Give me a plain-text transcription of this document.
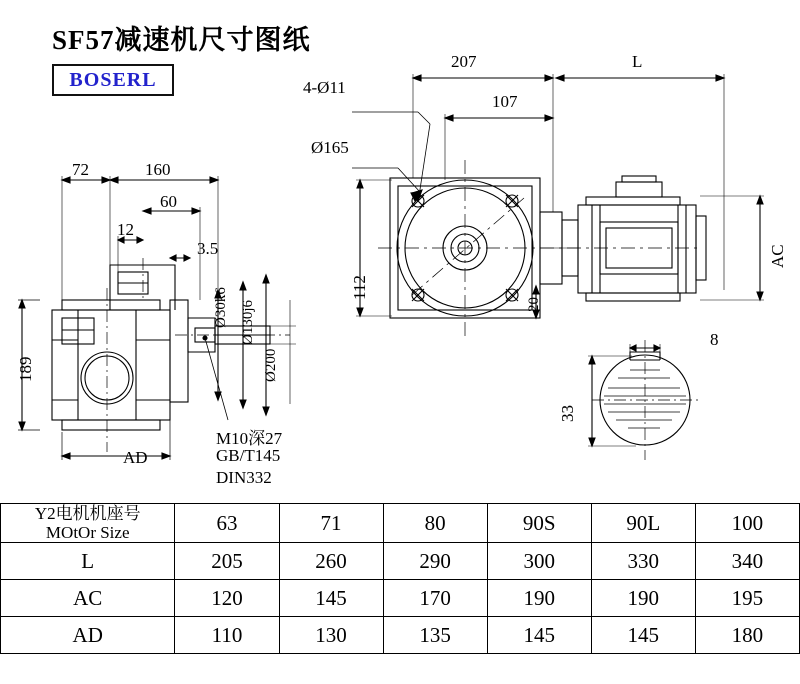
SF57减速机尺寸图纸
BOSERL
207	L
4-Ø11
107
Ø165
112
20
AC
72	160
60
12
3.5
189
Ø30k6 Ø130j6
Ø200
AD
M10深27
GB/T145
DIN332
8
33
Y2电机机座号
MOtOr Size	63	71	80	90S	90L	100
L	205	260	290	300	330	340
AC	120	145	170	190	190	195
AD	110	130	135	145	145	180
